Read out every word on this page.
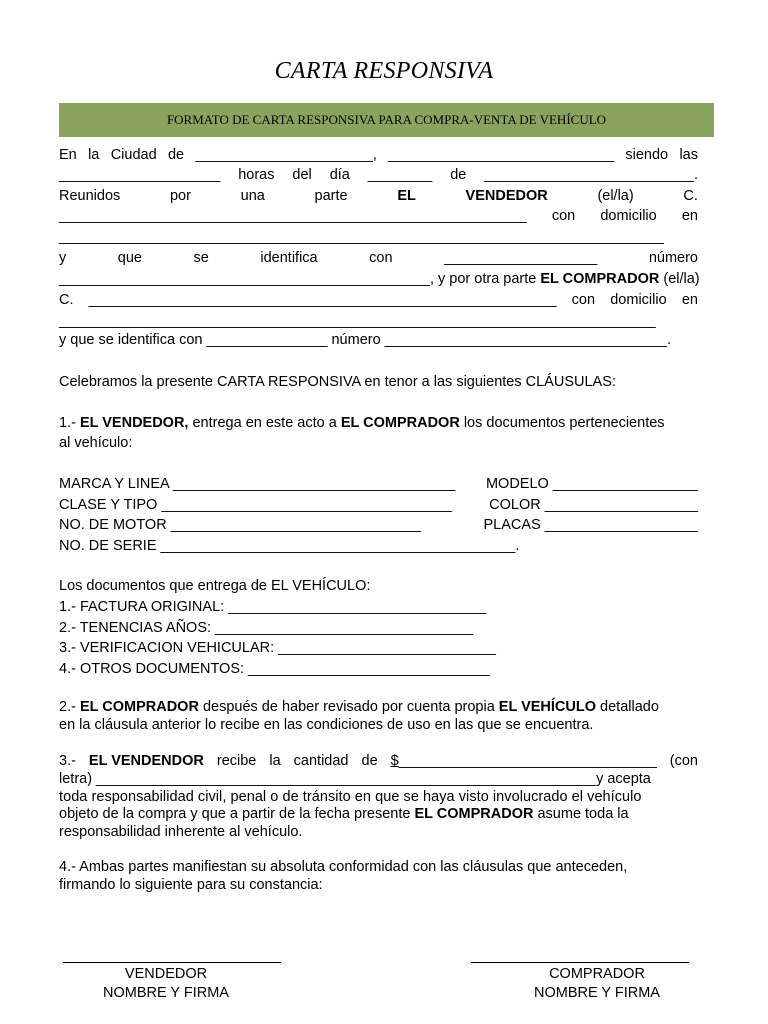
CARTA RESPONSIVA
FORMATO DE CARTA RESPONSIVA PARA COMPRA-VENTA DE VEHÍCULO
En la Ciudad de ______________________, ____________________________ siendo las
____________________ horas del día ________ de __________________________.
Reunidos	por	una	parte	EL	VENDEDOR	(el/la)	C.
__________________________________________________________ con domicilio en
___________________________________________________________________________
y	que	se	identifica	con	___________________	número
______________________________________________, y por otra parte EL COMPRADOR (el/la)
C. __________________________________________________________ con domicilio en
__________________________________________________________________________
y que se identifica con _______________ número ___________________________________.
Celebramos la presente CARTA RESPONSIVA en tenor a las siguientes CLÁUSULAS:
1.- EL VENDEDOR, entrega en este acto a EL COMPRADOR los documentos pertenecientes
al vehículo:
MARCA Y LINEA ___________________________________ MODELO __________________
CLASE Y TIPO ____________________________________	COLOR ___________________
NO. DE MOTOR _______________________________	PLACAS ___________________
NO. DE SERIE ____________________________________________.
Los documentos que entrega de EL VEHÍCULO:
1.- FACTURA ORIGINAL: ________________________________
2.- TENENCIAS AÑOS: ________________________________
3.- VERIFICACION VEHICULAR: ___________________________
4.- OTROS DOCUMENTOS: ______________________________
2.- EL COMPRADOR después de haber revisado por cuenta propia EL VEHÍCULO detallado
en la cláusula anterior lo recibe en las condiciones de uso en las que se encuentra.
3.- EL VENDENDOR recibe la cantidad de $________________________________ (con
letra) ______________________________________________________________y acepta
toda responsabilidad civil, penal o de tránsito en que se haya visto involucrado el vehículo
objeto de la compra y que a partir de la fecha presente EL COMPRADOR asume toda la
responsabilidad inherente al vehículo.
4.- Ambas partes manifiestan su absoluta conformidad con las cláusulas que anteceden,
firmando lo siguiente para su constancia:
VENDEDOR
NOMBRE Y FIRMA
COMPRADOR
NOMBRE Y FIRMA
